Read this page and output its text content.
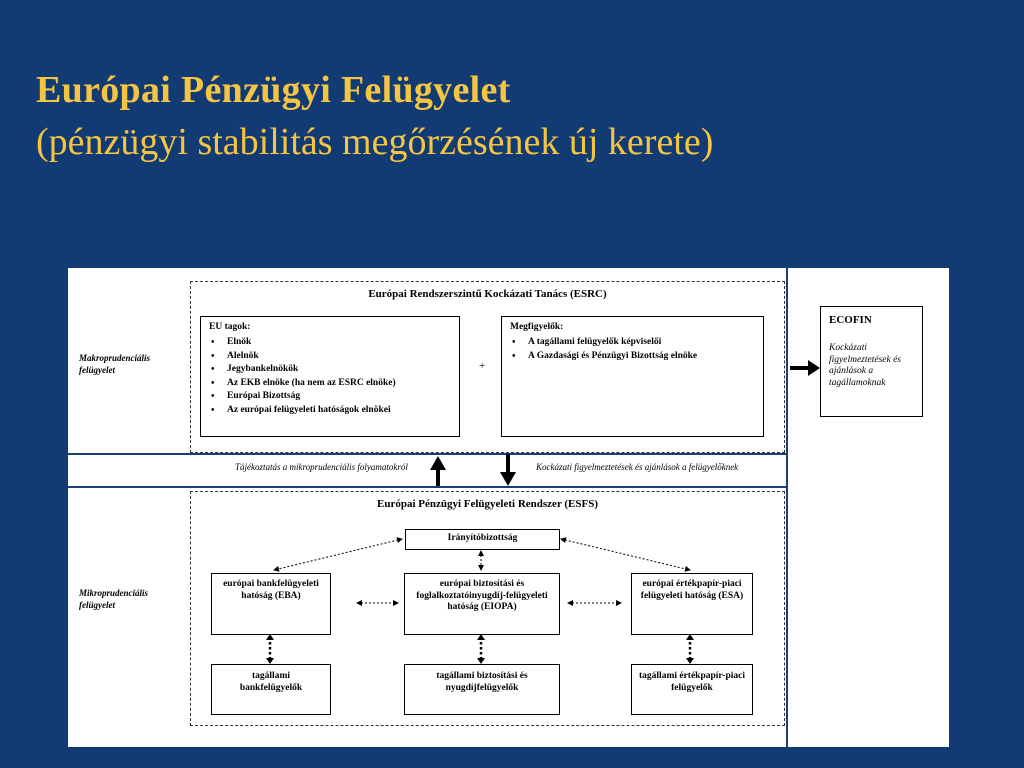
Európai Pénzügyi Felügyelet
(pénzügyi stabilitás megőrzésének új kerete)
Makroprudenciális felügyelet
Európai Rendszerszintű Kockázati Tanács (ESRC)
EU tagok:
• Elnök
• Alelnök
• Jegybankelnökök
• Az EKB elnöke (ha nem az ESRC elnöke)
• Európai Bizottság
• Az európai felügyeleti hatóságok elnökei
+
Megfigyelők:
• A tagállami felügyelők képviselői
• A Gazdasági és Pénzügyi Bizottság elnöke
ECOFIN
Kockázati figyelmeztetések és ajánlások a tagállamoknak
Tájékoztatás a mikroprudenciális folyamatokról	Kockázati figyelmeztetések és ajánlások a felügyelőknek
Mikroprudenciális felügyelet
Európai Pénzügyi Felügyeleti Rendszer (ESFS)
Irányítóbizottság
európai bankfelügyeleti hatóság (EBA)
európai biztosítási és foglalkoztatóinyugdíj-felügyeleti hatóság (EIOPA)
európai értékpapír-piaci felügyeleti hatóság (ESA)
tagállami bankfelügyelők
tagállami biztosítási és nyugdíjfelügyelők
tagállami értékpapír-piaci felügyelők
